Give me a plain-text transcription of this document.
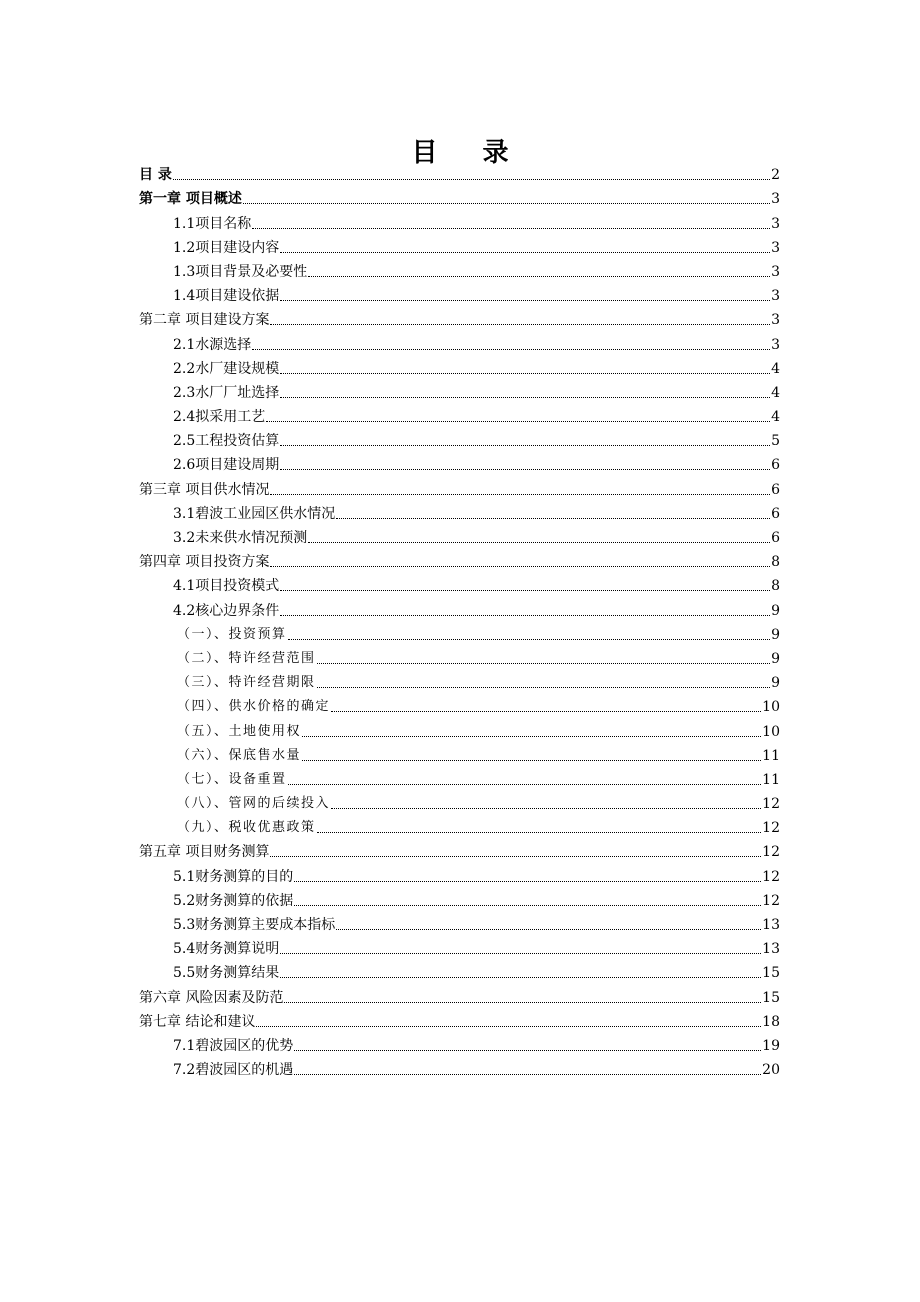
目 录
目 录	2
第一章 项目概述	3
1.1项目名称	3
1.2项目建设内容	3
1.3项目背景及必要性	3
1.4项目建设依据	3
第二章 项目建设方案	3
2.1水源选择	3
2.2水厂建设规模	4
2.3水厂厂址选择	4
2.4拟采用工艺	4
2.5工程投资估算	5
2.6项目建设周期	6
第三章 项目供水情况	6
3.1碧波工业园区供水情况	6
3.2未来供水情况预测	6
第四章 项目投资方案	8
4.1项目投资模式	8
4.2核心边界条件	9
（一）、投资预算	9
（二）、特许经营范围	9
（三）、特许经营期限	9
（四）、供水价格的确定	10
（五）、土地使用权	10
（六）、保底售水量	11
（七）、设备重置	11
（八）、管网的后续投入	12
（九）、税收优惠政策	12
第五章 项目财务测算	12
5.1财务测算的目的	12
5.2财务测算的依据	12
5.3财务测算主要成本指标	13
5.4财务测算说明	13
5.5财务测算结果	15
第六章 风险因素及防范	15
第七章 结论和建议	18
7.1碧波园区的优势	19
7.2碧波园区的机遇	20
